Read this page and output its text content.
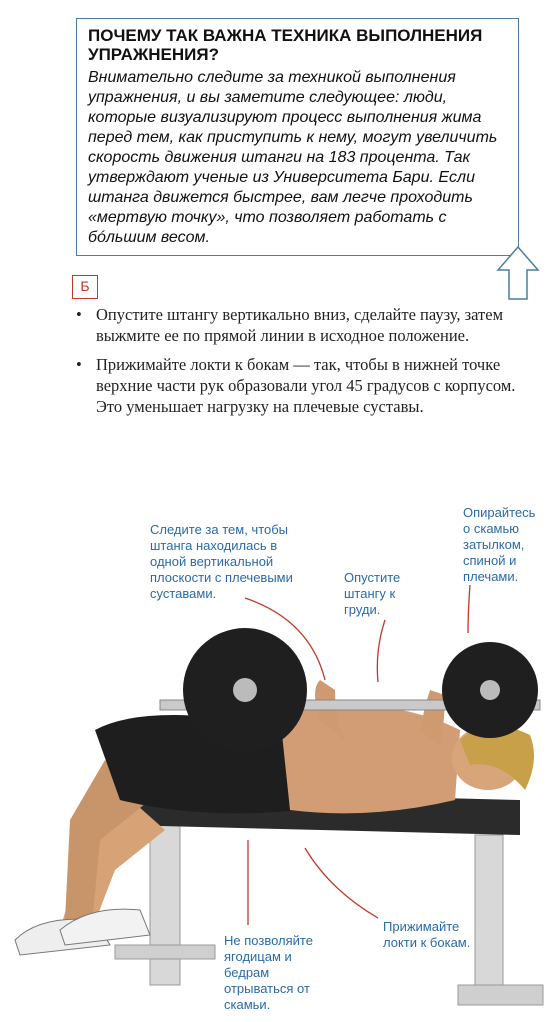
ПОЧЕМУ ТАК ВАЖНА ТЕХНИКА ВЫПОЛНЕНИЯ УПРАЖНЕНИЯ?
Внимательно следите за техникой выполнения упражнения, и вы заметите следующее: люди, которые визуализируют процесс выполнения жима перед тем, как приступить к нему, могут увеличить скорость движения штанги на 183 процента. Так утверждают ученые из Университета Бари. Если штанга движется быстрее, вам легче проходить «мертвую точку», что позволяет работать с бóльшим весом.
Б
• Опустите штангу вертикально вниз, сделайте паузу, затем выжмите ее по прямой линии в исходное положение.
• Прижимайте локти к бокам — так, чтобы в нижней точке верхние части рук образовали угол 45 градусов с корпусом. Это уменьшает нагрузку на плечевые суставы.
Следите за тем, чтобы штанга находилась в одной вертикальной плоскости с плечевыми суставами.
Опустите штангу к груди.
Опирайтесь о скамью затылком, спиной и плечами.
Не позволяйте ягодицам и бедрам отрываться от скамьи.
Прижимайте локти к бокам.
